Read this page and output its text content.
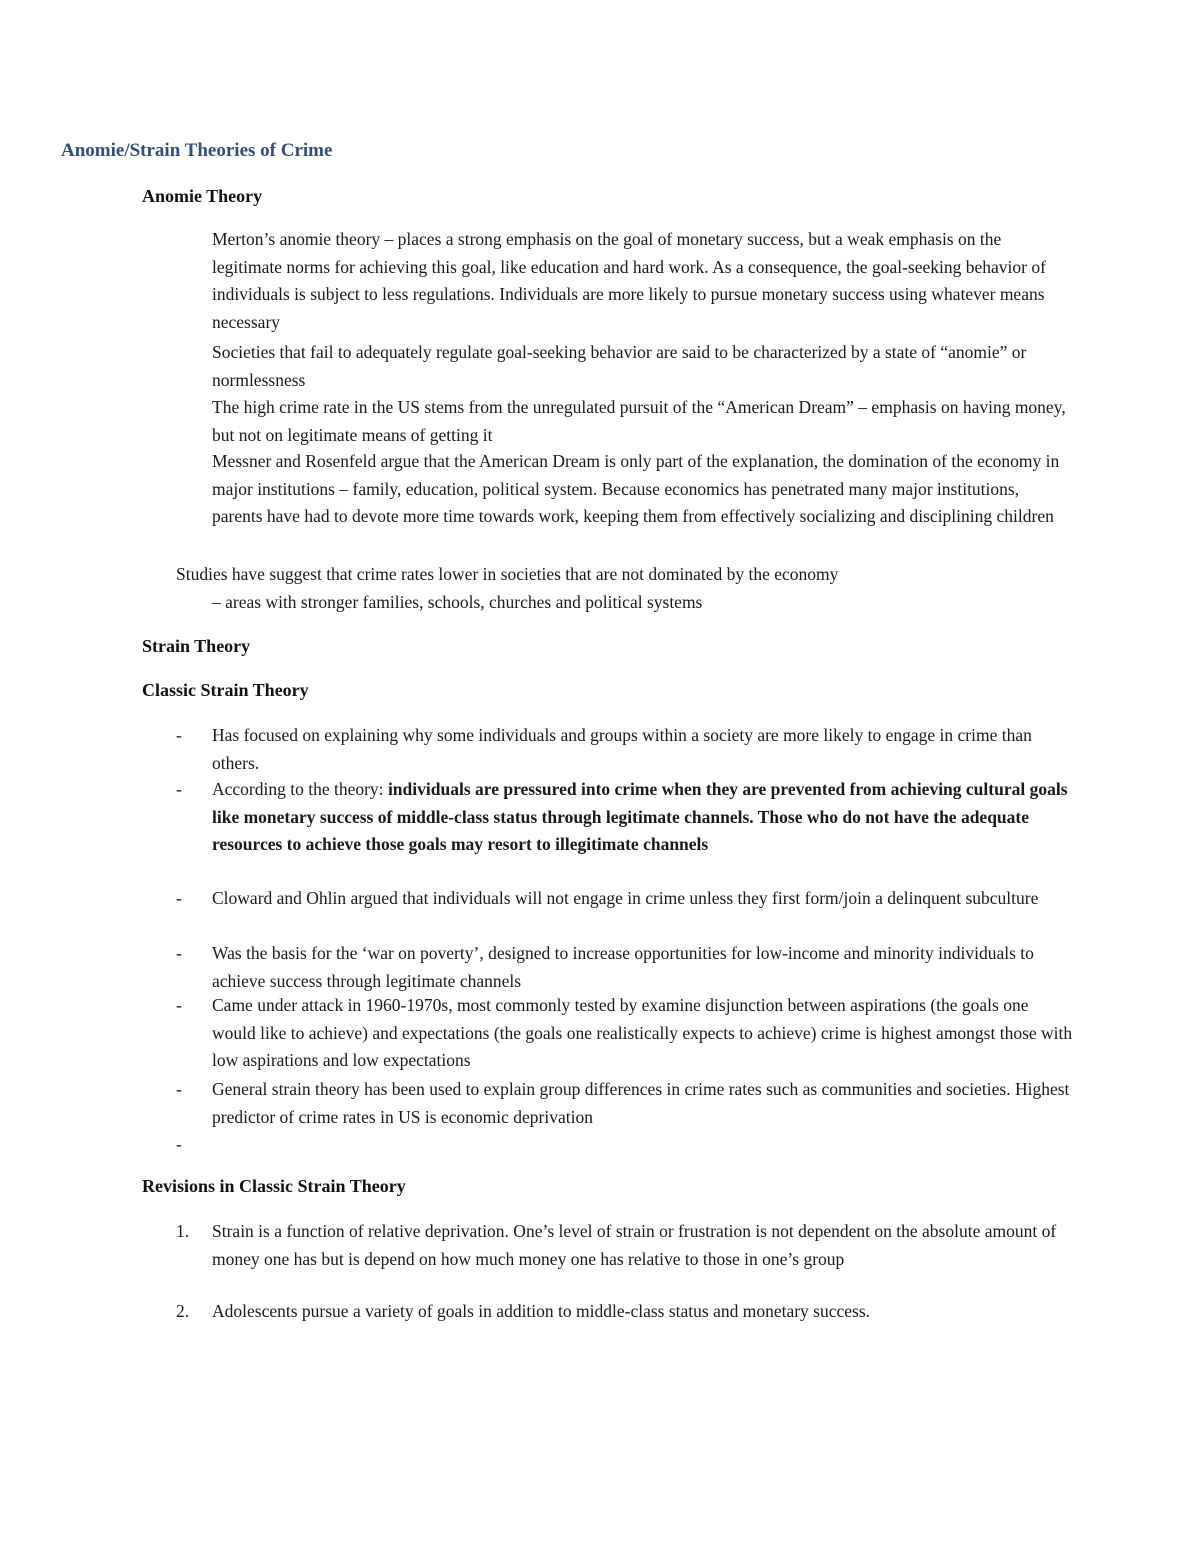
Anomie/Strain Theories of Crime
Anomie Theory
Merton’s anomie theory – places a strong emphasis on the goal of monetary success, but a weak emphasis on the legitimate norms for achieving this goal, like education and hard work. As a consequence, the goal-seeking behavior of individuals is subject to less regulations. Individuals are more likely to pursue monetary success using whatever means necessary
Societies that fail to adequately regulate goal-seeking behavior are said to be characterized by a state of “anomie” or normlessness
The high crime rate in the US stems from the unregulated pursuit of the “American Dream” – emphasis on having money, but not on legitimate means of getting it
Messner and Rosenfeld argue that the American Dream is only part of the explanation, the domination of the economy in major institutions – family, education, political system. Because economics has penetrated many major institutions, parents have had to devote more time towards work, keeping them from effectively socializing and disciplining children
Studies have suggest that crime rates lower in societies that are not dominated by the economy
– areas with stronger families, schools, churches and political systems
Strain Theory
Classic Strain Theory
-	Has focused on explaining why some individuals and groups within a society are more likely to engage in crime than others.
-	According to the theory: individuals are pressured into crime when they are prevented from achieving cultural goals like monetary success of middle-class status through legitimate channels. Those who do not have the adequate resources to achieve those goals may resort to illegitimate channels
-	Cloward and Ohlin argued that individuals will not engage in crime unless they first form/join a delinquent subculture
-	Was the basis for the ‘war on poverty’, designed to increase opportunities for low-income and minority individuals to achieve success through legitimate channels
-	Came under attack in 1960-1970s, most commonly tested by examine disjunction between aspirations (the goals one would like to achieve) and expectations (the goals one realistically expects to achieve) crime is highest amongst those with low aspirations and low expectations
-	General strain theory has been used to explain group differences in crime rates such as communities and societies. Highest predictor of crime rates in US is economic deprivation
-
Revisions in Classic Strain Theory
1.	Strain is a function of relative deprivation. One’s level of strain or frustration is not dependent on the absolute amount of money one has but is depend on how much money one has relative to those in one’s group
2.	Adolescents pursue a variety of goals in addition to middle-class status and monetary success.
